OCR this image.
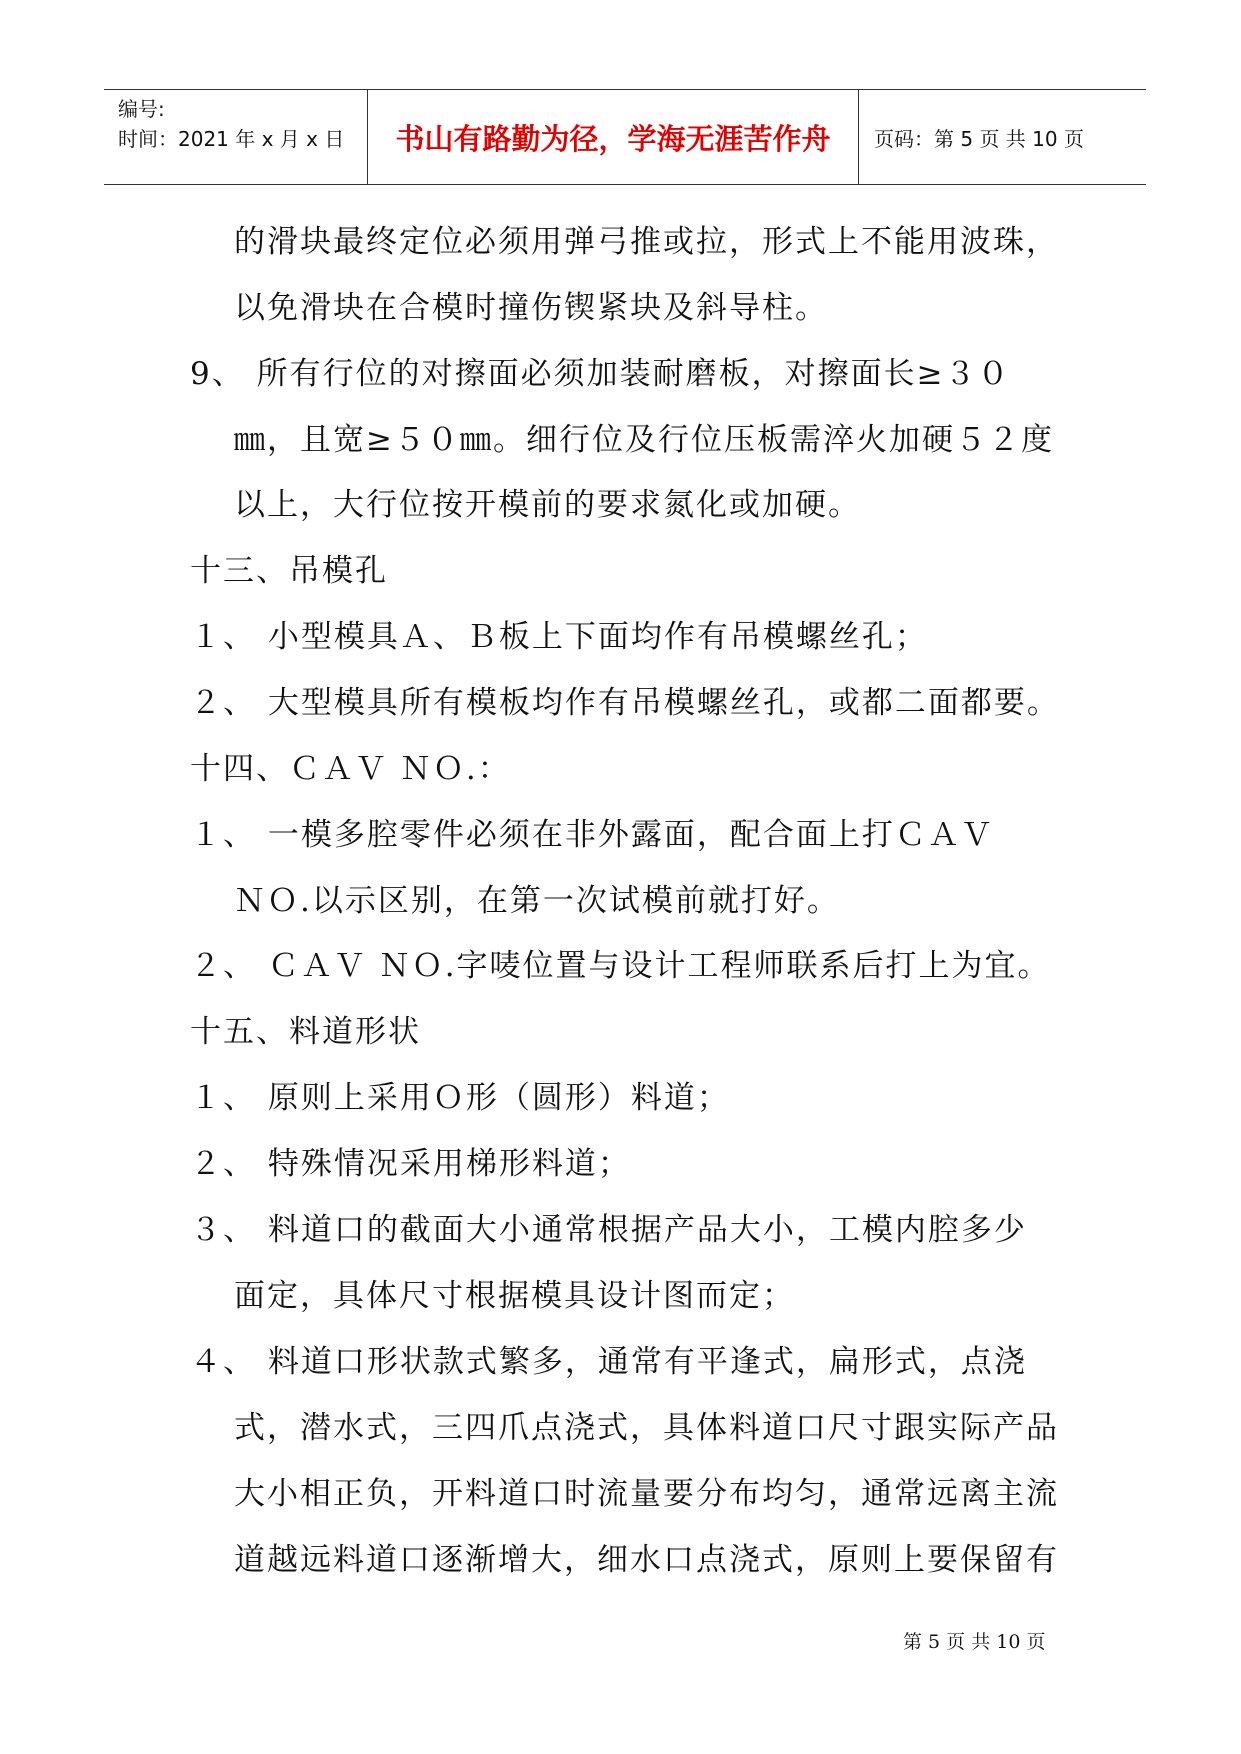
编号:
时间：2021 年 x 月 x 日 书山有路勤为径，学海无涯苦作舟 页码：第 5 页 共 10 页
的滑块最终定位必须用弹弓推或拉，形式上不能用波珠，
以免滑块在合模时撞伤锲紧块及斜导柱。
9、 所有行位的对擦面必须加装耐磨板，对擦面长≥３０
㎜，且宽≥５０㎜。细行位及行位压板需淬火加硬５２度
以上，大行位按开模前的要求氮化或加硬。
十三、吊模孔
１、 小型模具Ａ、Ｂ板上下面均作有吊模螺丝孔；
２、 大型模具所有模板均作有吊模螺丝孔，或都二面都要。
十四、ＣＡＶ ＮＯ.：
１、 一模多腔零件必须在非外露面，配合面上打ＣＡＶ
ＮＯ.以示区别，在第一次试模前就打好。
２、 ＣＡＶ ＮＯ.字唛位置与设计工程师联系后打上为宜。
十五、料道形状
１、 原则上采用Ｏ形（圆形）料道；
２、 特殊情况采用梯形料道；
３、 料道口的截面大小通常根据产品大小，工模内腔多少
面定，具体尺寸根据模具设计图而定；
４、 料道口形状款式繁多，通常有平逢式，扁形式，点浇
式，潜水式，三四爪点浇式，具体料道口尺寸跟实际产品
大小相正负，开料道口时流量要分布均匀，通常远离主流
道越远料道口逐渐增大，细水口点浇式，原则上要保留有
第 5 页 共 10 页
